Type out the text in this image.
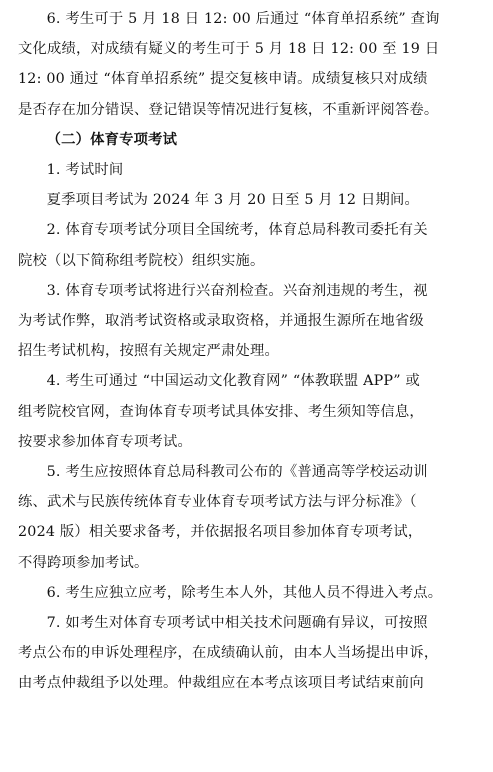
6. 考生可于 5 月 18 日 12: 00 后通过 “体育单招系统” 查询
文化成绩，对成绩有疑义的考生可于 5 月 18 日 12: 00 至 19 日
12: 00 通过 “体育单招系统” 提交复核申请。成绩复核只对成绩
是否存在加分错误、登记错误等情况进行复核，不重新评阅答卷。

（二）体育专项考试

1. 考试时间

夏季项目考试为 2024 年 3 月 20 日至 5 月 12 日期间。

2. 体育专项考试分项目全国统考，体育总局科教司委托有关
院校（以下简称组考院校）组织实施。

3. 体育专项考试将进行兴奋剂检查。兴奋剂违规的考生，视
为考试作弊，取消考试资格或录取资格，并通报生源所在地省级
招生考试机构，按照有关规定严肃处理。

4. 考生可通过 “中国运动文化教育网” “体教联盟 APP” 或
组考院校官网，查询体育专项考试具体安排、考生须知等信息，
按要求参加体育专项考试。

5. 考生应按照体育总局科教司公布的《普通高等学校运动训
练、武术与民族传统体育专业体育专项考试方法与评分标准》（
2024 版）相关要求备考，并依据报名项目参加体育专项考试，
不得跨项参加考试。

6. 考生应独立应考，除考生本人外，其他人员不得进入考点。

7. 如考生对体育专项考试中相关技术问题确有异议，可按照
考点公布的申诉处理程序，在成绩确认前，由本人当场提出申诉，
由考点仲裁组予以处理。仲裁组应在本考点该项目考试结束前向
